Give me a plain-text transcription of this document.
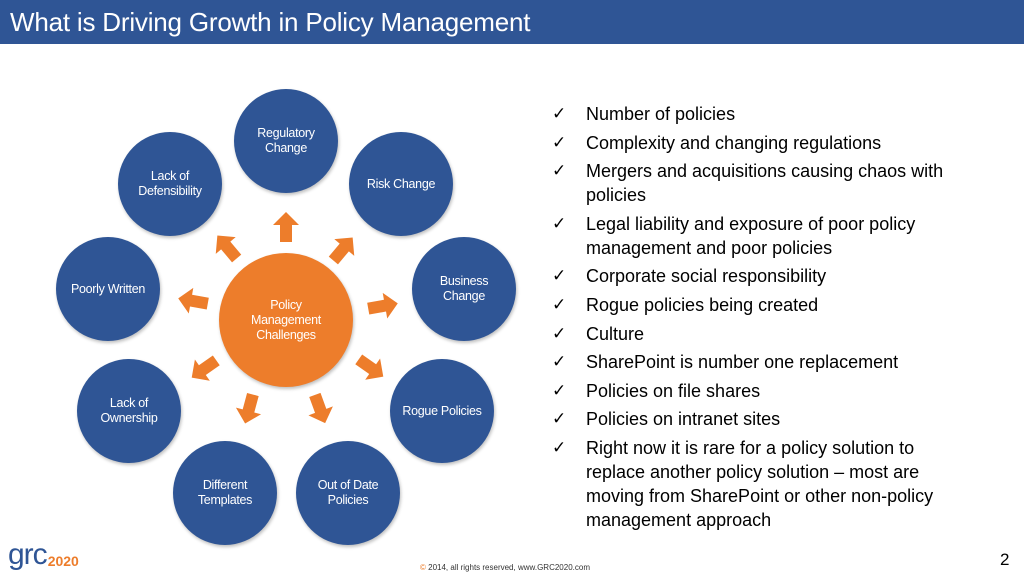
What is Driving Growth in Policy Management
Regulatory Change
Risk Change
Business Change
Rogue Policies
Out of Date Policies
Different Templates
Lack of Ownership
Poorly Written
Lack of Defensibility
Policy Management Challenges
✓ Number of policies
✓ Complexity and changing regulations
✓ Mergers and acquisitions causing chaos with policies
✓ Legal liability and exposure of poor policy management and poor policies
✓ Corporate social responsibility
✓ Rogue policies being created
✓ Culture
✓ SharePoint is number one replacement
✓ Policies on file shares
✓ Policies on intranet sites
✓ Right now it is rare for a policy solution to replace another policy solution – most are moving from SharePoint or other non-policy management approach
grc 2020	© 2014, all rights reserved, www.GRC2020.com	2
